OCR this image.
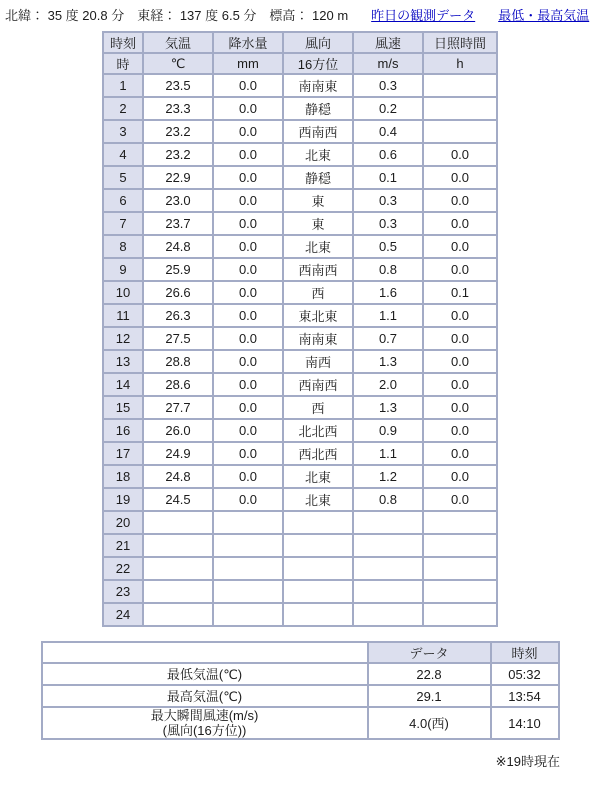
北緯： 35 度 20.8 分　東経： 137 度 6.5 分　標高： 120 m 昨日の観測データ 最低・最高気温
時刻	気温	降水量	風向	風速	日照時間
時	℃	mm	16方位	m/s	h
1	23.5	0.0	南南東	0.3	
2	23.3	0.0	静穏	0.2	
3	23.2	0.0	西南西	0.4	
4	23.2	0.0	北東	0.6	0.0
5	22.9	0.0	静穏	0.1	0.0
6	23.0	0.0	東	0.3	0.0
7	23.7	0.0	東	0.3	0.0
8	24.8	0.0	北東	0.5	0.0
9	25.9	0.0	西南西	0.8	0.0
10	26.6	0.0	西	1.6	0.1
11	26.3	0.0	東北東	1.1	0.0
12	27.5	0.0	南南東	0.7	0.0
13	28.8	0.0	南西	1.3	0.0
14	28.6	0.0	西南西	2.0	0.0
15	27.7	0.0	西	1.3	0.0
16	26.0	0.0	北北西	0.9	0.0
17	24.9	0.0	西北西	1.1	0.0
18	24.8	0.0	北東	1.2	0.0
19	24.5	0.0	北東	0.8	0.0
20					
21					
22					
23					
24					
	データ	時刻
最低気温(℃)	22.8	05:32
最高気温(℃)	29.1	13:54
最大瞬間風速(m/s)
(風向(16方位))	4.0(西)	14:10
※19時現在
